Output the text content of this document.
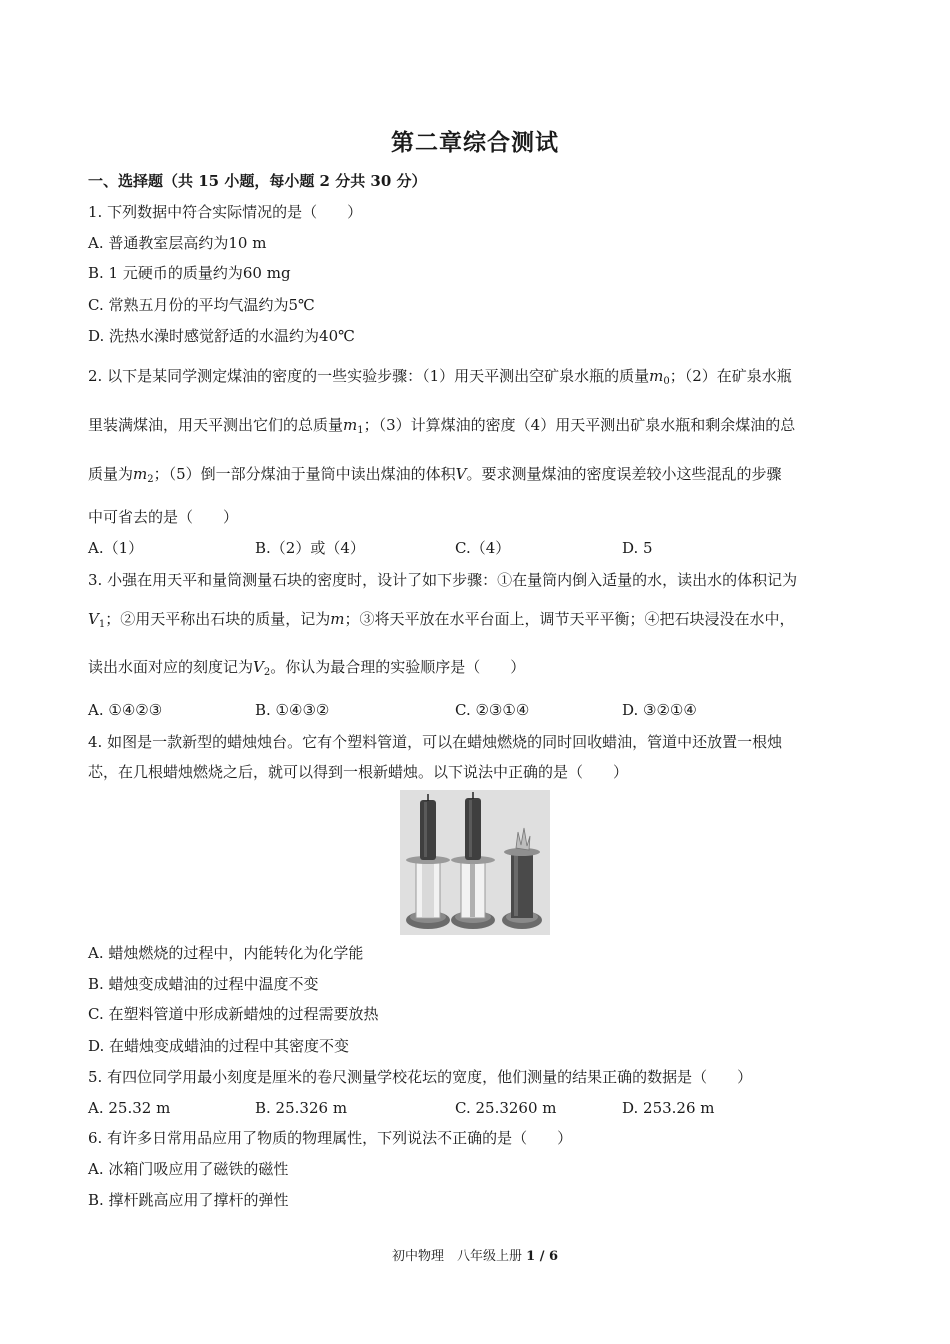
第二章综合测试
一、选择题（共 15 小题，每小题 2 分共 30 分）
1. 下列数据中符合实际情况的是（　　）
A. 普通教室层高约为10 m
B. 1 元硬币的质量约为60 mg
C. 常熟五月份的平均气温约为5℃
D. 洗热水澡时感觉舒适的水温约为40℃
2. 以下是某同学测定煤油的密度的一些实验步骤：（1）用天平测出空矿泉水瓶的质量$m_0$；（2）在矿泉水瓶
里装满煤油，用天平测出它们的总质量$m_1$；（3）计算煤油的密度（4）用天平测出矿泉水瓶和剩余煤油的总
质量为$m_2$；（5）倒一部分煤油于量筒中读出煤油的体积V。要求测量煤油的密度误差较小这些混乱的步骤
中可省去的是（　　）
A.（1）	B.（2）或（4）	C.（4）	D. 5
3. 小强在用天平和量筒测量石块的密度时，设计了如下步骤：①在量筒内倒入适量的水，读出水的体积记为
$V_1$；②用天平称出石块的质量，记为m；③将天平放在水平台面上，调节天平平衡；④把石块浸没在水中，
读出水面对应的刻度记为$V_2$。你认为最合理的实验顺序是（　　）
A. ①④②③	B. ①④③②	C. ②③①④	D. ③②①④
4. 如图是一款新型的蜡烛烛台。它有个塑料管道，可以在蜡烛燃烧的同时回收蜡油，管道中还放置一根烛
芯，在几根蜡烛燃烧之后，就可以得到一根新蜡烛。以下说法中正确的是（　　）
A. 蜡烛燃烧的过程中，内能转化为化学能
B. 蜡烛变成蜡油的过程中温度不变
C. 在塑料管道中形成新蜡烛的过程需要放热
D. 在蜡烛变成蜡油的过程中其密度不变
5. 有四位同学用最小刻度是厘米的卷尺测量学校花坛的宽度，他们测量的结果正确的数据是（　　）
A. 25.32 m	B. 25.326 m	C. 25.3260 m	D. 253.26 m
6. 有许多日常用品应用了物质的物理属性，下列说法不正确的是（　　）
A. 冰箱门吸应用了磁铁的磁性
B. 撑杆跳高应用了撑杆的弹性
初中物理　八年级上册 1 / 6
